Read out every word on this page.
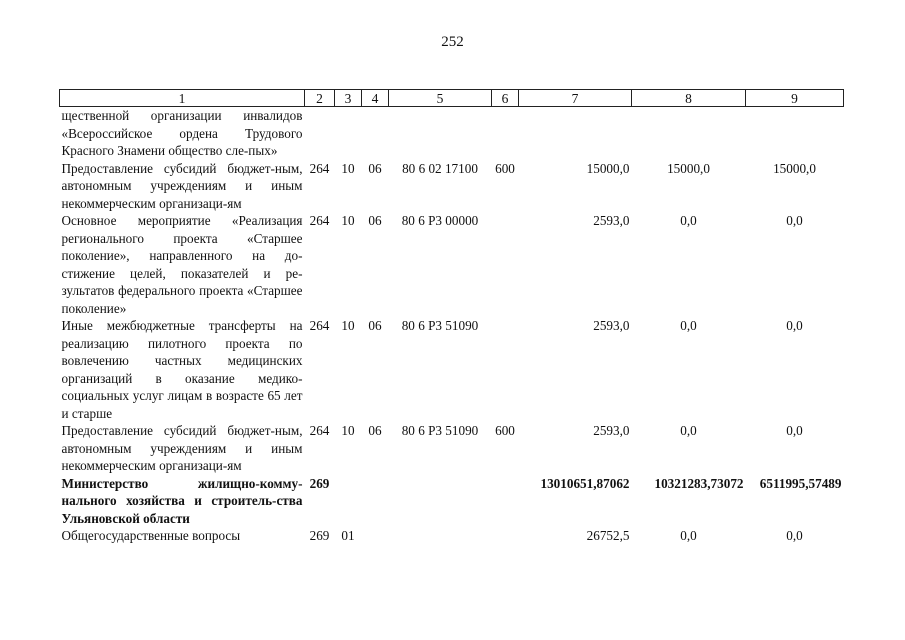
252
1	2	3	4	5	6	7	8	9
щественной организации инвалидов «Всероссийское ордена Трудового Красного Знамени общество сле-пых»								
Предоставление субсидий бюджет-ным, автономным учреждениям и иным некоммерческим организаци-ям	264	10	06	80 6 02 17100	600	15000,0	15000,0	15000,0
Основное мероприятие «Реализация регионального проекта «Старшее поколение», направленного на до-стижение целей, показателей и ре-зультатов федерального проекта «Старшее поколение»	264	10	06	80 6 P3 00000		2593,0	0,0	0,0
Иные межбюджетные трансферты на реализацию пилотного проекта по вовлечению частных медицинских организаций в оказание медико-социальных услуг лицам в возрасте 65 лет и старше	264	10	06	80 6 P3 51090		2593,0	0,0	0,0
Предоставление субсидий бюджет-ным, автономным учреждениям и иным некоммерческим организаци-ям	264	10	06	80 6 P3 51090	600	2593,0	0,0	0,0
Министерство жилищно-комму-нального хозяйства и строитель-ства Ульяновской области	269					13010651,87062	10321283,73072	6511995,57489
Общегосударственные вопросы	269	01				26752,5	0,0	0,0
